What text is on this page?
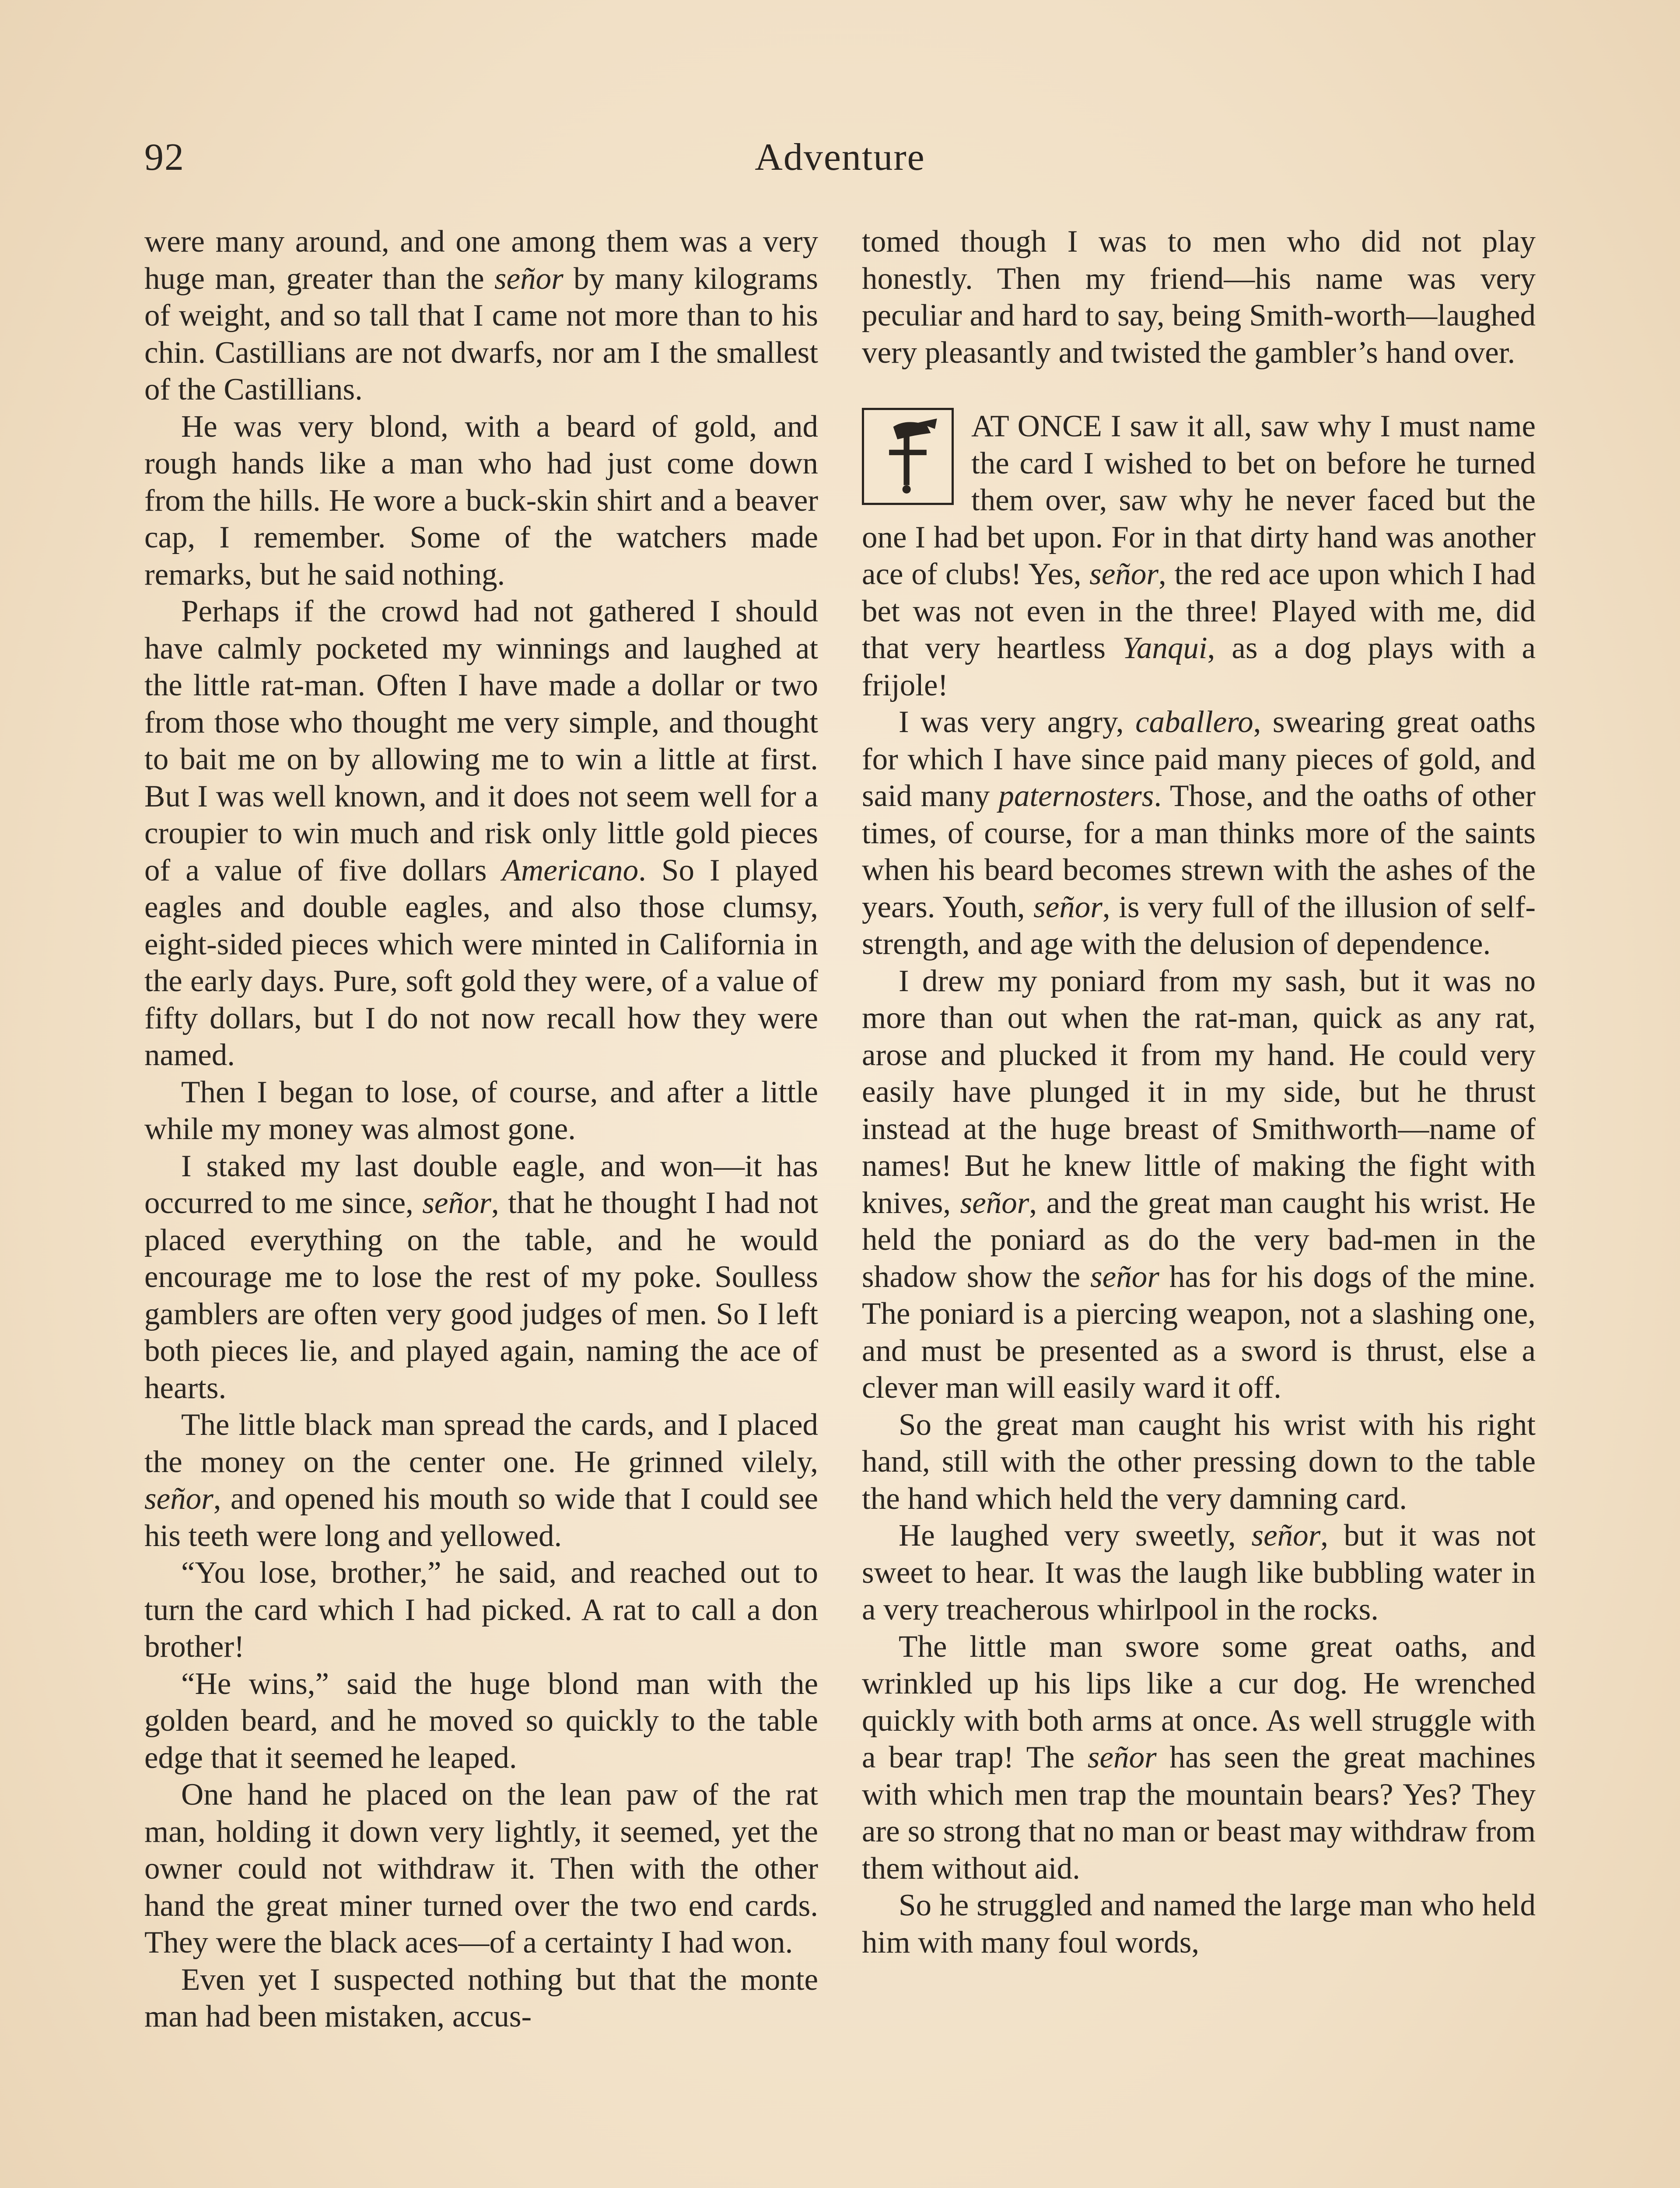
92	Adventure

were many around, and one among them was a very huge man, greater than the señor by many kilograms of weight, and so tall that I came not more than to his chin. Castillians are not dwarfs, nor am I the smallest of the Castillians.

He was very blond, with a beard of gold, and rough hands like a man who had just come down from the hills. He wore a buck-skin shirt and a beaver cap, I remember. Some of the watchers made remarks, but he said nothing.

Perhaps if the crowd had not gathered I should have calmly pocketed my winnings and laughed at the little rat-man. Often I have made a dollar or two from those who thought me very simple, and thought to bait me on by allowing me to win a little at first. But I was well known, and it does not seem well for a croupier to win much and risk only little gold pieces of a value of five dollars Americano. So I played eagles and double eagles, and also those clumsy, eight-sided pieces which were minted in California in the early days. Pure, soft gold they were, of a value of fifty dollars, but I do not now recall how they were named.

Then I began to lose, of course, and after a little while my money was almost gone.

I staked my last double eagle, and won—it has occurred to me since, señor, that he thought I had not placed everything on the table, and he would encourage me to lose the rest of my poke. Soulless gamblers are often very good judges of men. So I left both pieces lie, and played again, naming the ace of hearts.

The little black man spread the cards, and I placed the money on the center one. He grinned vilely, señor, and opened his mouth so wide that I could see his teeth were long and yellowed.

“You lose, brother,” he said, and reached out to turn the card which I had picked. A rat to call a don brother!

“He wins,” said the huge blond man with the golden beard, and he moved so quickly to the table edge that it seemed he leaped.

One hand he placed on the lean paw of the rat man, holding it down very lightly, it seemed, yet the owner could not withdraw it. Then with the other hand the great miner turned over the two end cards. They were the black aces—of a certainty I had won.

Even yet I suspected nothing but that the monte man had been mistaken, accus-

tomed though I was to men who did not play honestly. Then my friend—his name was very peculiar and hard to say, being Smith-worth—laughed very pleasantly and twisted the gambler’s hand over.

AT ONCE I saw it all, saw why I must name the card I wished to bet on before he turned them over, saw why he never faced but the one I had bet upon. For in that dirty hand was another ace of clubs! Yes, señor, the red ace upon which I had bet was not even in the three! Played with me, did that very heartless Yanqui, as a dog plays with a frijole!

I was very angry, caballero, swearing great oaths for which I have since paid many pieces of gold, and said many paternosters. Those, and the oaths of other times, of course, for a man thinks more of the saints when his beard becomes strewn with the ashes of the years. Youth, señor, is very full of the illusion of self-strength, and age with the delusion of dependence.

I drew my poniard from my sash, but it was no more than out when the rat-man, quick as any rat, arose and plucked it from my hand. He could very easily have plunged it in my side, but he thrust instead at the huge breast of Smithworth—name of names! But he knew little of making the fight with knives, señor, and the great man caught his wrist. He held the poniard as do the very bad-men in the shadow show the señor has for his dogs of the mine. The poniard is a piercing weapon, not a slashing one, and must be presented as a sword is thrust, else a clever man will easily ward it off.

So the great man caught his wrist with his right hand, still with the other pressing down to the table the hand which held the very damning card.

He laughed very sweetly, señor, but it was not sweet to hear. It was the laugh like bubbling water in a very treacherous whirlpool in the rocks.

The little man swore some great oaths, and wrinkled up his lips like a cur dog. He wrenched quickly with both arms at once. As well struggle with a bear trap! The señor has seen the great machines with which men trap the mountain bears? Yes? They are so strong that no man or beast may withdraw from them without aid.

So he struggled and named the large man who held him with many foul words,
